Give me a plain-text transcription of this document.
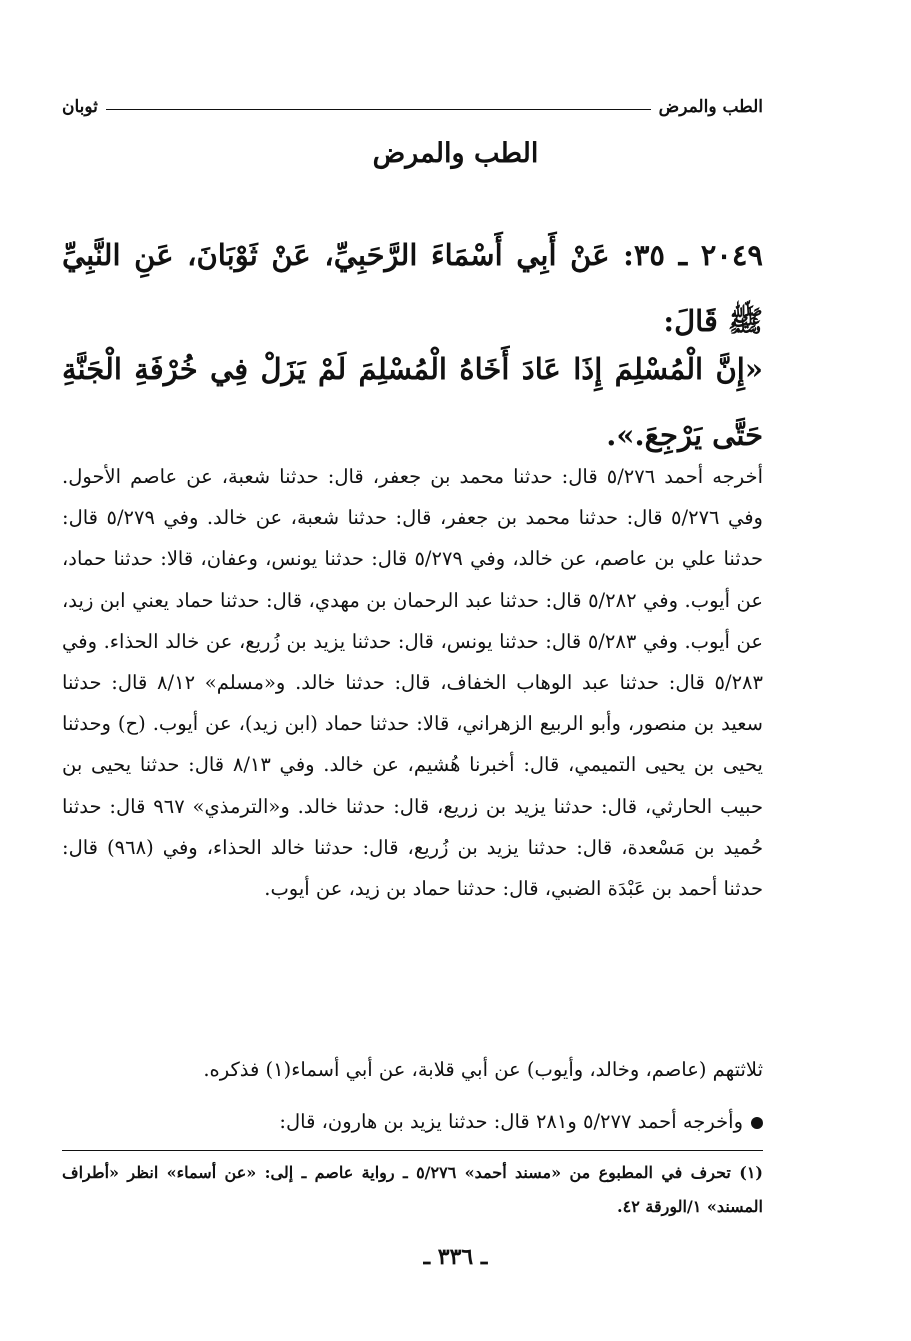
الطب والمرض
ثوبان
الطب والمرض
٢٠٤٩ ـ ٣٥: عَنْ أَبِي أَسْمَاءَ الرَّحَبِيِّ، عَنْ ثَوْبَانَ، عَنِ النَّبِيِّ ﷺ قَالَ:
«إِنَّ الْمُسْلِمَ إِذَا عَادَ أَخَاهُ الْمُسْلِمَ لَمْ يَزَلْ فِي خُرْفَةِ الْجَنَّةِ حَتَّى يَرْجِعَ.».
أخرجه أحمد ٥/٢٧٦ قال: حدثنا محمد بن جعفر، قال: حدثنا شعبة، عن عاصم الأحول. وفي ٥/٢٧٦ قال: حدثنا محمد بن جعفر، قال: حدثنا شعبة، عن خالد. وفي ٥/٢٧٩ قال: حدثنا علي بن عاصم، عن خالد، وفي ٥/٢٧٩ قال: حدثنا يونس، وعفان، قالا: حدثنا حماد، عن أيوب. وفي ٥/٢٨٢ قال: حدثنا عبد الرحمان بن مهدي، قال: حدثنا حماد يعني ابن زيد، عن أيوب. وفي ٥/٢٨٣ قال: حدثنا يونس، قال: حدثنا يزيد بن زُريع، عن خالد الحذاء. وفي ٥/٢٨٣ قال: حدثنا عبد الوهاب الخفاف، قال: حدثنا خالد. و«مسلم» ٨/١٢ قال: حدثنا سعيد بن منصور، وأبو الربيع الزهراني، قالا: حدثنا حماد (ابن زيد)، عن أيوب. (ح) وحدثنا يحيى بن يحيى التميمي، قال: أخبرنا هُشيم، عن خالد. وفي ٨/١٣ قال: حدثنا يحيى بن حبيب الحارثي، قال: حدثنا يزيد بن زريع، قال: حدثنا خالد. و«الترمذي» ٩٦٧ قال: حدثنا حُميد بن مَسْعدة، قال: حدثنا يزيد بن زُريع، قال: حدثنا خالد الحذاء، وفي (٩٦٨) قال: حدثنا أحمد بن عَبْدَة الضبي، قال: حدثنا حماد بن زيد، عن أيوب.
ثلاثتهم (عاصم، وخالد، وأيوب) عن أبي قلابة، عن أبي أسماء(١) فذكره.
وأخرجه أحمد ٥/٢٧٧ و٢٨١ قال: حدثنا يزيد بن هارون، قال:
(١) تحرف في المطبوع من «مسند أحمد» ٥/٢٧٦ ـ رواية عاصم ـ إلى: «عن أسماء» انظر «أطراف المسند» ١/الورقة ٤٢.
ـ ٣٣٦ ـ
